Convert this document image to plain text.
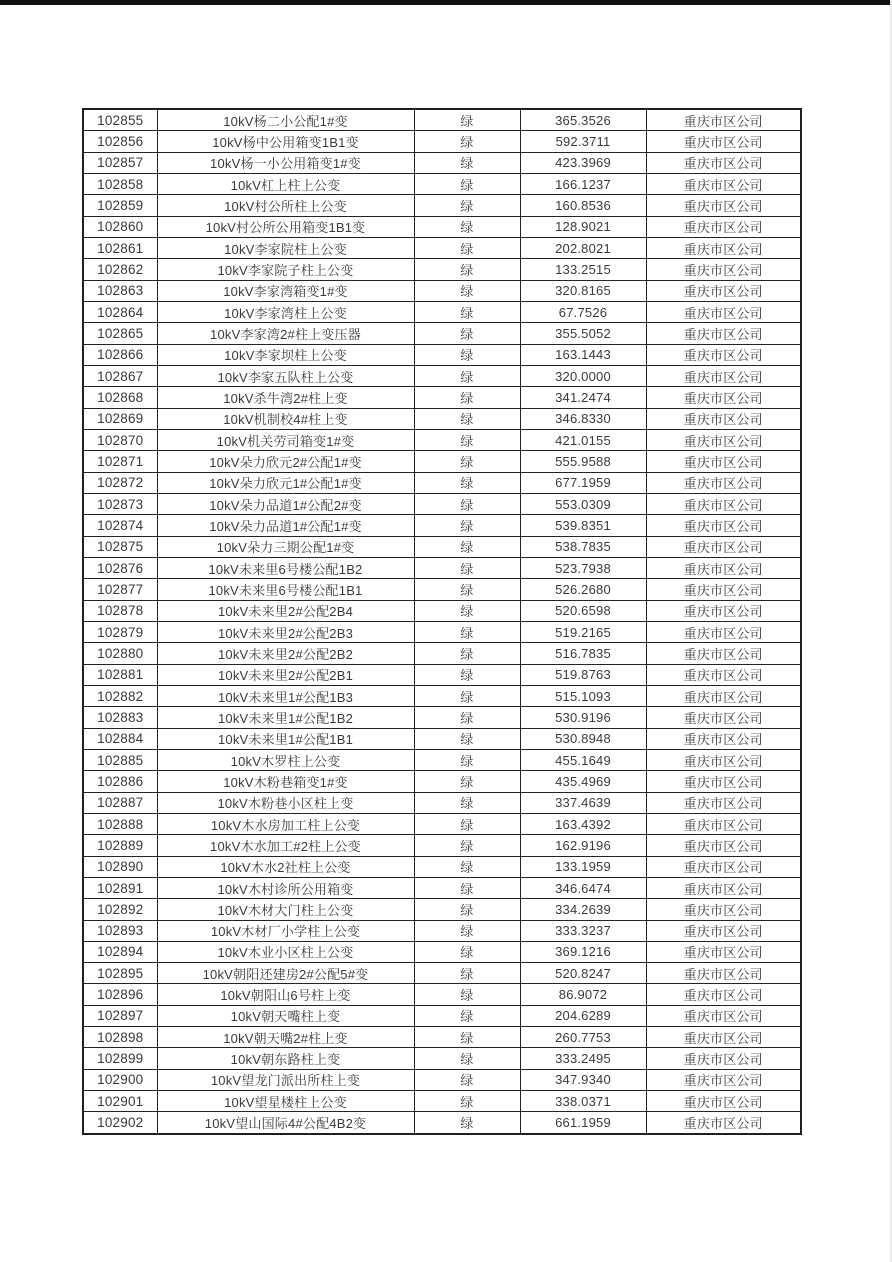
102855	10kV杨二小公配1#变	绿	365.3526	重庆市区公司
102856	10kV杨中公用箱变1B1变	绿	592.3711	重庆市区公司
102857	10kV杨一小公用箱变1#变	绿	423.3969	重庆市区公司
102858	10kV杠上柱上公变	绿	166.1237	重庆市区公司
102859	10kV村公所柱上公变	绿	160.8536	重庆市区公司
102860	10kV村公所公用箱变1B1变	绿	128.9021	重庆市区公司
102861	10kV李家院柱上公变	绿	202.8021	重庆市区公司
102862	10kV李家院子柱上公变	绿	133.2515	重庆市区公司
102863	10kV李家湾箱变1#变	绿	320.8165	重庆市区公司
102864	10kV李家湾柱上公变	绿	67.7526	重庆市区公司
102865	10kV李家湾2#柱上变压器	绿	355.5052	重庆市区公司
102866	10kV李家坝柱上公变	绿	163.1443	重庆市区公司
102867	10kV李家五队柱上公变	绿	320.0000	重庆市区公司
102868	10kV杀牛湾2#柱上变	绿	341.2474	重庆市区公司
102869	10kV机制校4#柱上变	绿	346.8330	重庆市区公司
102870	10kV机关劳司箱变1#变	绿	421.0155	重庆市区公司
102871	10kV朵力欣元2#公配1#变	绿	555.9588	重庆市区公司
102872	10kV朵力欣元1#公配1#变	绿	677.1959	重庆市区公司
102873	10kV朵力品道1#公配2#变	绿	553.0309	重庆市区公司
102874	10kV朵力品道1#公配1#变	绿	539.8351	重庆市区公司
102875	10kV朵力三期公配1#变	绿	538.7835	重庆市区公司
102876	10kV未来里6号楼公配1B2	绿	523.7938	重庆市区公司
102877	10kV未来里6号楼公配1B1	绿	526.2680	重庆市区公司
102878	10kV未来里2#公配2B4	绿	520.6598	重庆市区公司
102879	10kV未来里2#公配2B3	绿	519.2165	重庆市区公司
102880	10kV未来里2#公配2B2	绿	516.7835	重庆市区公司
102881	10kV未来里2#公配2B1	绿	519.8763	重庆市区公司
102882	10kV未来里1#公配1B3	绿	515.1093	重庆市区公司
102883	10kV未来里1#公配1B2	绿	530.9196	重庆市区公司
102884	10kV未来里1#公配1B1	绿	530.8948	重庆市区公司
102885	10kV木罗柱上公变	绿	455.1649	重庆市区公司
102886	10kV木粉巷箱变1#变	绿	435.4969	重庆市区公司
102887	10kV木粉巷小区柱上变	绿	337.4639	重庆市区公司
102888	10kV木水房加工柱上公变	绿	163.4392	重庆市区公司
102889	10kV木水加工#2柱上公变	绿	162.9196	重庆市区公司
102890	10kV木水2社柱上公变	绿	133.1959	重庆市区公司
102891	10kV木村诊所公用箱变	绿	346.6474	重庆市区公司
102892	10kV木材大门柱上公变	绿	334.2639	重庆市区公司
102893	10kV木材厂小学柱上公变	绿	333.3237	重庆市区公司
102894	10kV木业小区柱上公变	绿	369.1216	重庆市区公司
102895	10kV朝阳还建房2#公配5#变	绿	520.8247	重庆市区公司
102896	10kV朝阳山6号柱上变	绿	86.9072	重庆市区公司
102897	10kV朝天嘴柱上变	绿	204.6289	重庆市区公司
102898	10kV朝天嘴2#柱上变	绿	260.7753	重庆市区公司
102899	10kV朝东路柱上变	绿	333.2495	重庆市区公司
102900	10kV望龙门派出所柱上变	绿	347.9340	重庆市区公司
102901	10kV望星楼柱上公变	绿	338.0371	重庆市区公司
102902	10kV望山国际4#公配4B2变	绿	661.1959	重庆市区公司
